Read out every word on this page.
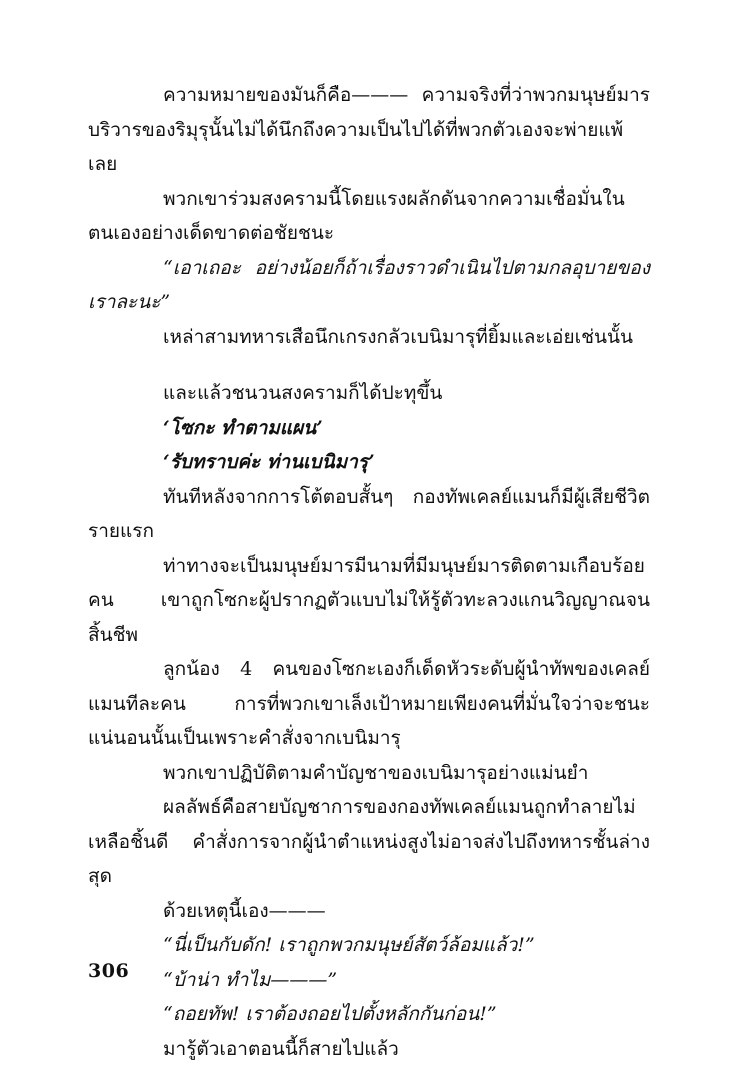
ความหมายของมันก็คือ——— ความจริงที่ว่าพวกมนุษย์มารบริวารของริมุรุนั้นไม่ได้นึกถึงความเป็นไปได้ที่พวกตัวเองจะพ่ายแพ้เลย

พวกเขาร่วมสงครามนี้โดยแรงผลักดันจากความเชื่อมั่นในตนเองอย่างเด็ดขาดต่อชัยชนะ

“เอาเถอะ อย่างน้อยก็ถ้าเรื่องราวดำเนินไปตามกลอุบายของเราละนะ”

เหล่าสามทหารเสือนึกเกรงกลัวเบนิมารุที่ยิ้มและเอ่ยเช่นนั้น

และแล้วชนวนสงครามก็ได้ปะทุขึ้น

‘โซกะ ทำตามแผน’

‘รับทราบค่ะ ท่านเบนิมารุ’

ทันทีหลังจากการโต้ตอบสั้นๆ กองทัพเคลย์แมนก็มีผู้เสียชีวิตรายแรก

ท่าทางจะเป็นมนุษย์มารมีนามที่มีมนุษย์มารติดตามเกือบร้อยคน เขาถูกโซกะผู้ปรากฏตัวแบบไม่ให้รู้ตัวทะลวงแกนวิญญาณจนสิ้นชีพ

ลูกน้อง 4 คนของโซกะเองก็เด็ดหัวระดับผู้นำทัพของเคลย์แมนทีละคน การที่พวกเขาเล็งเป้าหมายเพียงคนที่มั่นใจว่าจะชนะแน่นอนนั้นเป็นเพราะคำสั่งจากเบนิมารุ

พวกเขาปฏิบัติตามคำบัญชาของเบนิมารุอย่างแม่นยำ

ผลลัพธ์คือสายบัญชาการของกองทัพเคลย์แมนถูกทำลายไม่เหลือชิ้นดี คำสั่งการจากผู้นำตำแหน่งสูงไม่อาจส่งไปถึงทหารชั้นล่างสุด

ด้วยเหตุนี้เอง———

“นี่เป็นกับดัก! เราถูกพวกมนุษย์สัตว์ล้อมแล้ว!”

“บ้าน่า ทำไม———”

“ถอยทัพ! เราต้องถอยไปตั้งหลักกันก่อน!”

มารู้ตัวเอาตอนนี้ก็สายไปแล้ว

306
